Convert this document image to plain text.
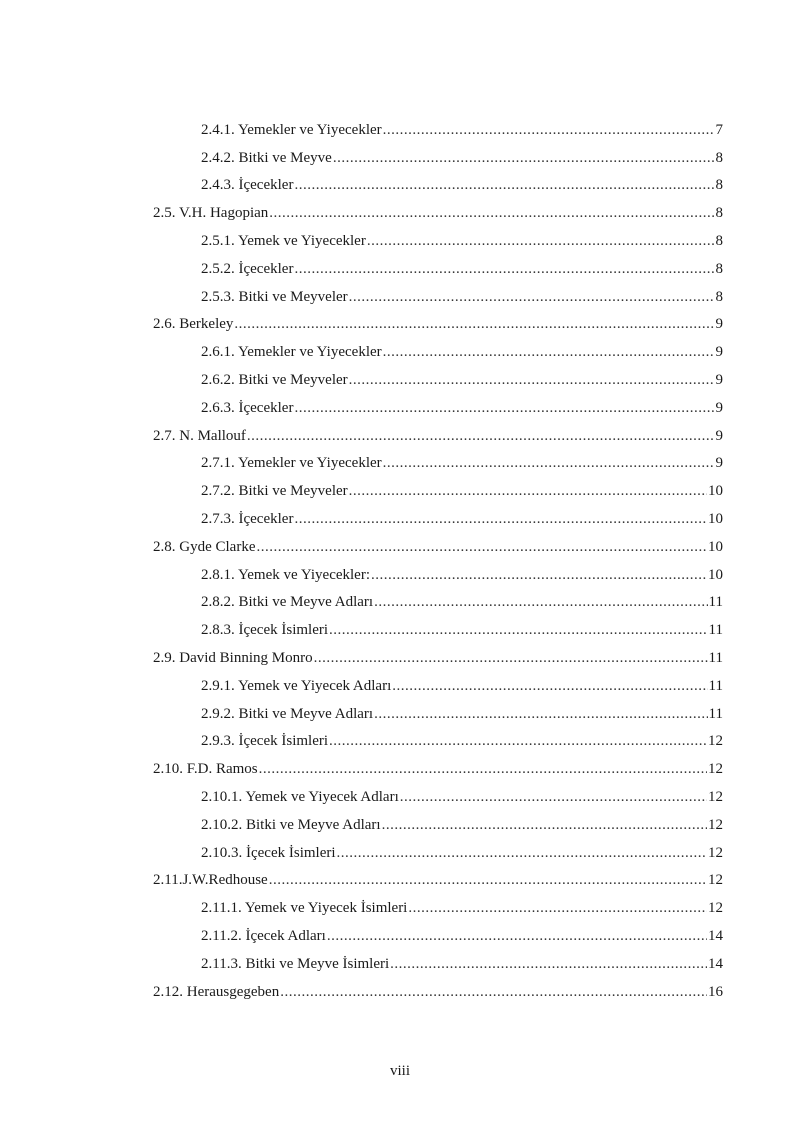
2.4.1. Yemekler ve Yiyecekler .....	7
2.4.2. Bitki ve Meyve .....	8
2.4.3. İçecekler .....	8
2.5. V.H. Hagopian .....	8
2.5.1. Yemek ve Yiyecekler .....	8
2.5.2. İçecekler .....	8
2.5.3. Bitki ve Meyveler .....	8
2.6. Berkeley .....	9
2.6.1. Yemekler ve Yiyecekler .....	9
2.6.2. Bitki ve Meyveler .....	9
2.6.3. İçecekler .....	9
2.7. N. Mallouf .....	9
2.7.1. Yemekler ve Yiyecekler .....	9
2.7.2. Bitki ve Meyveler .....	10
2.7.3. İçecekler .....	10
2.8. Gyde Clarke .....	10
2.8.1. Yemek ve Yiyecekler: .....	10
2.8.2. Bitki ve Meyve Adları .....	11
2.8.3. İçecek İsimleri .....	11
2.9. David Binning Monro .....	11
2.9.1. Yemek ve Yiyecek Adları .....	11
2.9.2. Bitki ve Meyve Adları .....	11
2.9.3. İçecek İsimleri .....	12
2.10. F.D. Ramos .....	12
2.10.1. Yemek ve Yiyecek Adları .....	12
2.10.2. Bitki ve Meyve Adları .....	12
2.10.3. İçecek İsimleri .....	12
2.11.J.W.Redhouse .....	12
2.11.1. Yemek ve Yiyecek İsimleri .....	12
2.11.2. İçecek Adları .....	14
2.11.3. Bitki ve Meyve İsimleri .....	14
2.12. Herausgegeben .....	16
viii
